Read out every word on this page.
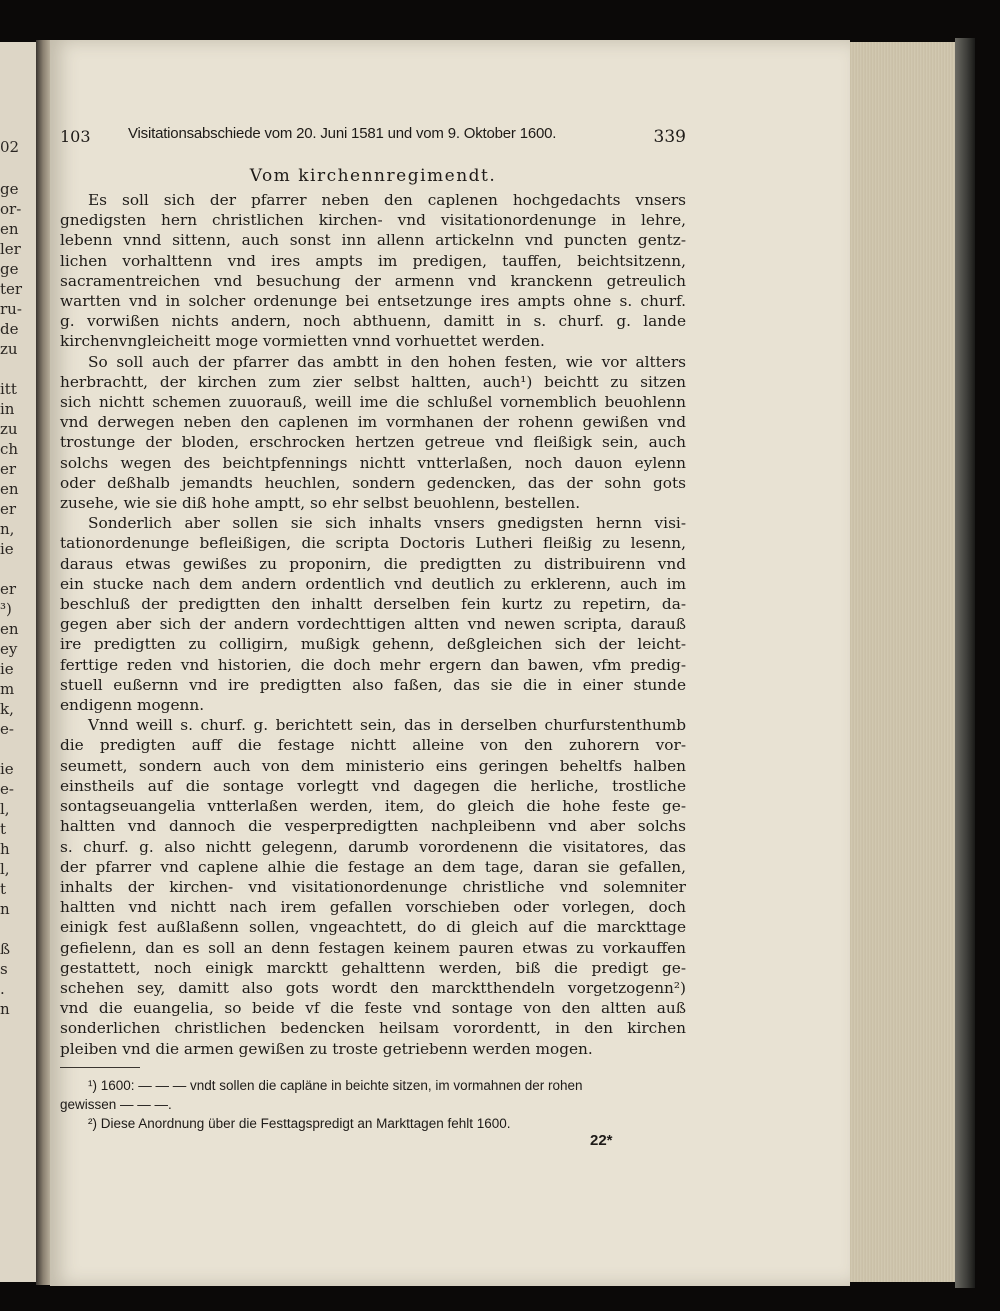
02
ge
or-
en
ler
ge
ter
ru-
de
zu
itt
in
zu
ch
er
en
er
n,
ie
er
³)
en
ey
ie
m
k,
e-
ie
e-
l,
t
h
l,
t
n
ß
s
.
n
103 Visitationsabschiede vom 20. Juni 1581 und vom 9. Oktober 1600.	339
Vom kirchennregimendt.
Es soll sich der pfarrer neben den caplenen hochgedachts vnsers
gnedigsten hern christlichen kirchen- vnd visitationordenunge in lehre,
lebenn vnnd sittenn, auch sonst inn allenn artickelnn vnd puncten gentz-
lichen vorhalttenn vnd ires ampts im predigen, tauffen, beichtsitzenn,
sacramentreichen vnd besuchung der armenn vnd kranckenn getreulich
wartten vnd in solcher ordenunge bei entsetzunge ires ampts ohne s. churf.
g. vorwißen nichts andern, noch abthuenn, damitt in s. churf. g. lande
kirchenvngleicheitt moge vormietten vnnd vorhuettet werden.
So soll auch der pfarrer das ambtt in den hohen festen, wie vor altters
herbrachtt, der kirchen zum zier selbst haltten, auch¹) beichtt zu sitzen
sich nichtt schemen zuuorauß, weill ime die schlußel vornemblich beuohlenn
vnd derwegen neben den caplenen im vormhanen der rohenn gewißen vnd
trostunge der bloden, erschrocken hertzen getreue vnd fleißigk sein, auch
solchs wegen des beichtpfennings nichtt vntterlaßen, noch dauon eylenn
oder deßhalb jemandts heuchlen, sondern gedencken, das der sohn gots
zusehe, wie sie diß hohe amptt, so ehr selbst beuohlenn, bestellen.
Sonderlich aber sollen sie sich inhalts vnsers gnedigsten hernn visi-
tationordenunge befleißigen, die scripta Doctoris Lutheri fleißig zu lesenn,
daraus etwas gewißes zu proponirn, die predigtten zu distribuirenn vnd
ein stucke nach dem andern ordentlich vnd deutlich zu erklerenn, auch im
beschluß der predigtten den inhaltt derselben fein kurtz zu repetirn, da-
gegen aber sich der andern vordechttigen altten vnd newen scripta, darauß
ire predigtten zu colligirn, mußigk gehenn, deßgleichen sich der leicht-
ferttige reden vnd historien, die doch mehr ergern dan bawen, vfm predig-
stuell eußernn vnd ire predigtten also faßen, das sie die in einer stunde
endigenn mogenn.
Vnnd weill s. churf. g. berichtett sein, das in derselben churfurstenthumb
die predigten auff die festage nichtt alleine von den zuhorern vor-
seumett, sondern auch von dem ministerio eins geringen beheltfs halben
einstheils auf die sontage vorlegtt vnd dagegen die herliche, trostliche
sontagseuangelia vntterlaßen werden, item, do gleich die hohe feste ge-
haltten vnd dannoch die vesperpredigtten nachpleibenn vnd aber solchs
s. churf. g. also nichtt gelegenn, darumb vorordenenn die visitatores, das
der pfarrer vnd caplene alhie die festage an dem tage, daran sie gefallen,
inhalts der kirchen- vnd visitationordenunge christliche vnd solemniter
haltten vnd nichtt nach irem gefallen vorschieben oder vorlegen, doch
einigk fest außlaßenn sollen, vngeachtett, do di gleich auf die marckttage
gefielenn, dan es soll an denn festagen keinem pauren etwas zu vorkauffen
gestattett, noch einigk marcktt gehalttenn werden, biß die predigt ge-
schehen sey, damitt also gots wordt den marcktthendeln vorgetzogenn²)
vnd die euangelia, so beide vf die feste vnd sontage von den altten auß
sonderlichen christlichen bedencken heilsam vorordentt, in den kirchen
pleiben vnd die armen gewißen zu troste getriebenn werden mogen.
¹) 1600: — — — vndt sollen die capläne in beichte sitzen, im vormahnen der rohen
gewissen — — —.
²) Diese Anordnung über die Festtagspredigt an Markttagen fehlt 1600.
22*
